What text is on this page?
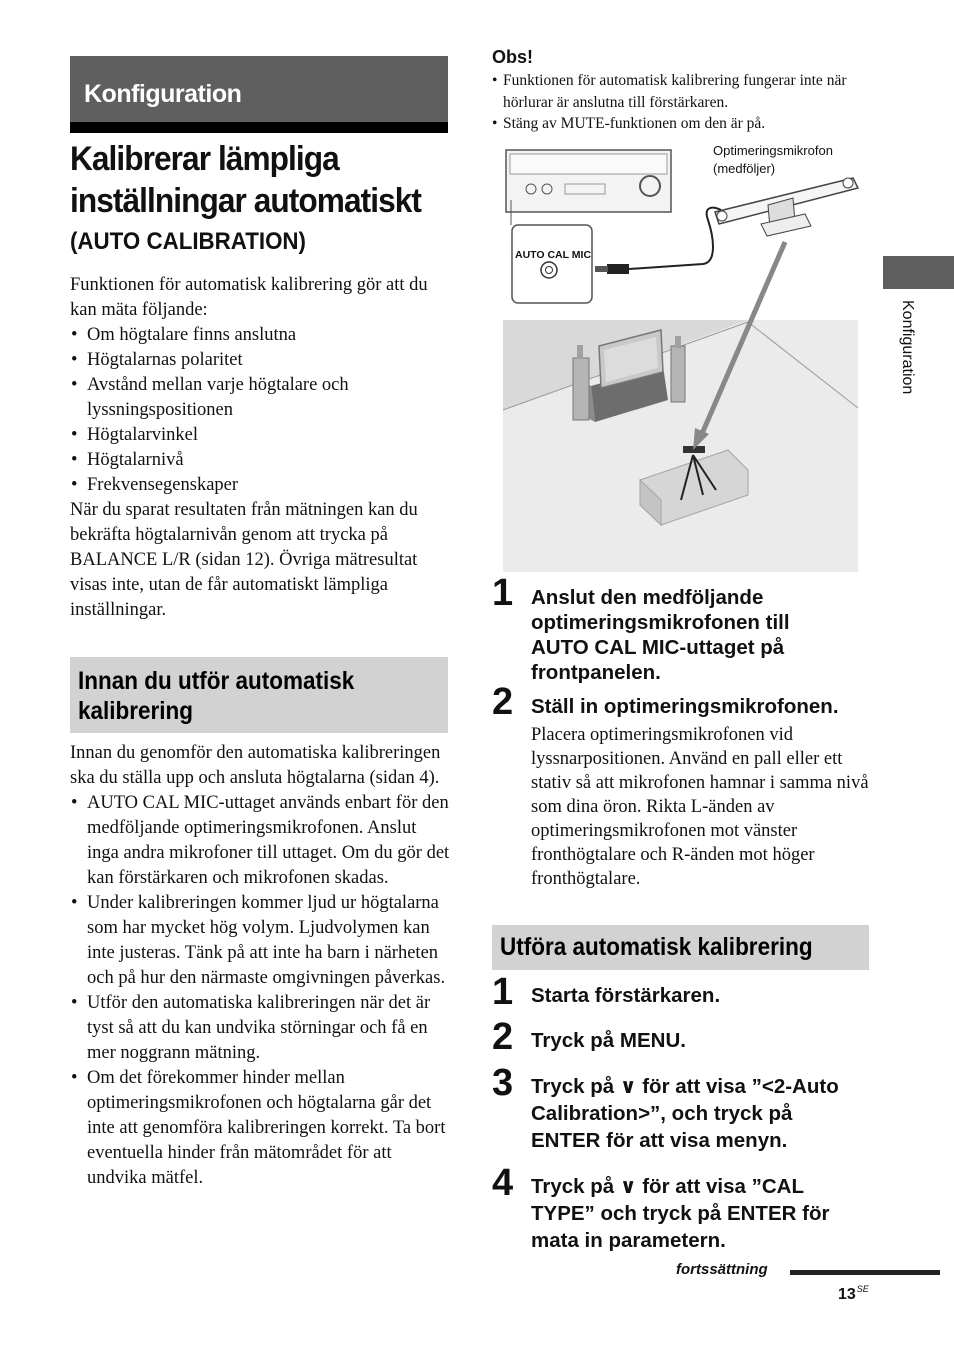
Konfiguration
Kalibrerar lämpliga
inställningar automatiskt
(AUTO CALIBRATION)

Funktionen för automatisk kalibrering gör att du kan mäta följande:

• Om högtalare finns anslutna
• Högtalarnas polaritet
• Avstånd mellan varje högtalare och lyssningspositionen
• Högtalarvinkel
• Högtalarnivå
• Frekvensegenskaper

När du sparat resultaten från mätningen kan du bekräfta högtalarnivån genom att trycka på BALANCE L/R (sidan 12). Övriga mätresultat visas inte, utan de får automatiskt lämpliga inställningar.

Innan du utför automatisk
kalibrering

Innan du genomför den automatiska kalibreringen ska du ställa upp och ansluta högtalarna (sidan 4).

• AUTO CAL MIC-uttaget används enbart för den medföljande optimeringsmikrofonen. Anslut inga andra mikrofoner till uttaget. Om du gör det kan förstärkaren och mikrofonen skadas.
• Under kalibreringen kommer ljud ur högtalarna som har mycket hög volym. Ljudvolymen kan inte justeras. Tänk på att inte ha barn i närheten och på hur den närmaste omgivningen påverkas.
• Utför den automatiska kalibreringen när det är tyst så att du kan undvika störningar och få en mer noggrann mätning.
• Om det förekommer hinder mellan optimeringsmikrofonen och högtalarna går det inte att genomföra kalibreringen korrekt. Ta bort eventuella hinder från mätområdet för att undvika mätfel.
Obs!
• Funktionen för automatisk kalibrering fungerar inte när hörlurar är anslutna till förstärkaren.
• Stäng av MUTE-funktionen om den är på.
AUTO CAL MIC
Optimeringsmikrofon
(medföljer)
1 Anslut den medföljande
optimeringsmikrofonen till
AUTO CAL MIC-uttaget på
frontpanelen.
2 Ställ in optimeringsmikrofonen.
Placera optimeringsmikrofonen vid lyssnarpositionen. Använd en pall eller ett stativ så att mikrofonen hamnar i samma nivå som dina öron. Rikta L-änden av optimeringsmikrofonen mot vänster fronthögtalare och R-änden mot höger fronthögtalare.
Utföra automatisk kalibrering
1 Starta förstärkaren.
2 Tryck på MENU.
3 Tryck på ∨ för att visa ”<2-Auto
Calibration>”, och tryck på
ENTER för att visa menyn.
4 Tryck på ∨ för att visa ”CAL
TYPE” och tryck på ENTER för
mata in parametern.
Konfiguration
fortssättning
$13^{SE}$
